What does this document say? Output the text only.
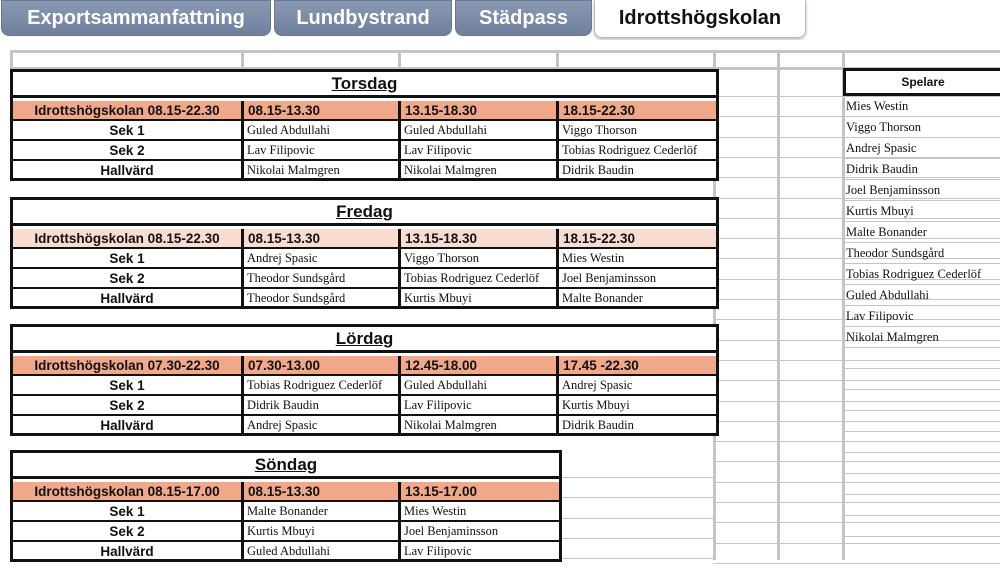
Exportsammanfattning	Lundbystrand	Städpass	Idrottshögskolan
Torsdag
Idrottshögskolan 08.15-22.30	08.15-13.30	13.15-18.30	18.15-22.30
Sek 1	Guled Abdullahi	Guled Abdullahi	Viggo Thorson
Sek 2	Lav Filipovic	Lav Filipovic	Tobias Rodriguez Cederlöf
Hallvärd	Nikolai Malmgren	Nikolai Malmgren	Didrik Baudin
Fredag
Idrottshögskolan 08.15-22.30	08.15-13.30	13.15-18.30	18.15-22.30
Sek 1	Andrej Spasic	Viggo Thorson	Mies Westin
Sek 2	Theodor Sundsgård	Tobias Rodriguez Cederlöf	Joel Benjaminsson
Hallvärd	Theodor Sundsgård	Kurtis Mbuyi	Malte Bonander
Lördag
Idrottshögskolan 07.30-22.30	07.30-13.00	12.45-18.00	17.45 -22.30
Sek 1	Tobias Rodriguez Cederlöf	Guled Abdullahi	Andrej Spasic
Sek 2	Didrik Baudin	Lav Filipovic	Kurtis Mbuyi
Hallvärd	Andrej Spasic	Nikolai Malmgren	Didrik Baudin
Söndag
Idrottshögskolan 08.15-17.00	08.15-13.30	13.15-17.00
Sek 1	Malte Bonander	Mies Westin
Sek 2	Kurtis Mbuyi	Joel Benjaminsson
Hallvärd	Guled Abdullahi	Lav Filipovic
Spelare
Mies Westin
Viggo Thorson
Andrej Spasic
Didrik Baudin
Joel Benjaminsson
Kurtis Mbuyi
Malte Bonander
Theodor Sundsgård
Tobias Rodriguez Cederlöf
Guled Abdullahi
Lav Filipovic
Nikolai Malmgren
